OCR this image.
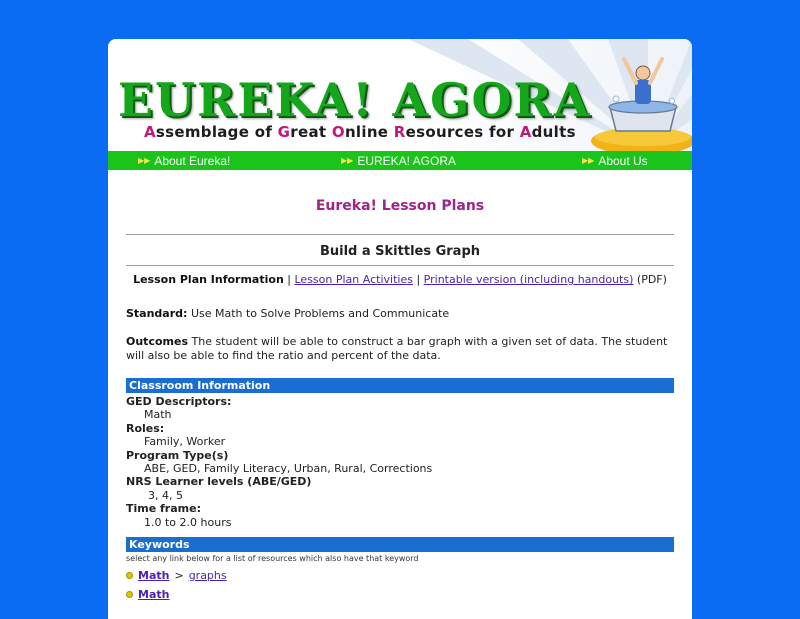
EUREKA! AGORA
Assemblage of Great Online Resources for Adults
▶▶ About Eureka!	▶▶ EUREKA! AGORA	▶▶ About Us
Eureka! Lesson Plans
Build a Skittles Graph
Lesson Plan Information | Lesson Plan Activities | Printable version (including handouts) (PDF)
Standard: Use Math to Solve Problems and Communicate
Outcomes The student will be able to construct a bar graph with a given set of data. The student will also be able to find the ratio and percent of the data.
Classroom Information
GED Descriptors:
Math
Roles:
Family, Worker
Program Type(s)
ABE, GED, Family Literacy, Urban, Rural, Corrections
NRS Learner levels (ABE/GED)
3, 4, 5
Time frame:
1.0 to 2.0 hours
Keywords
select any link below for a list of resources which also have that keyword
Math > graphs
Math
